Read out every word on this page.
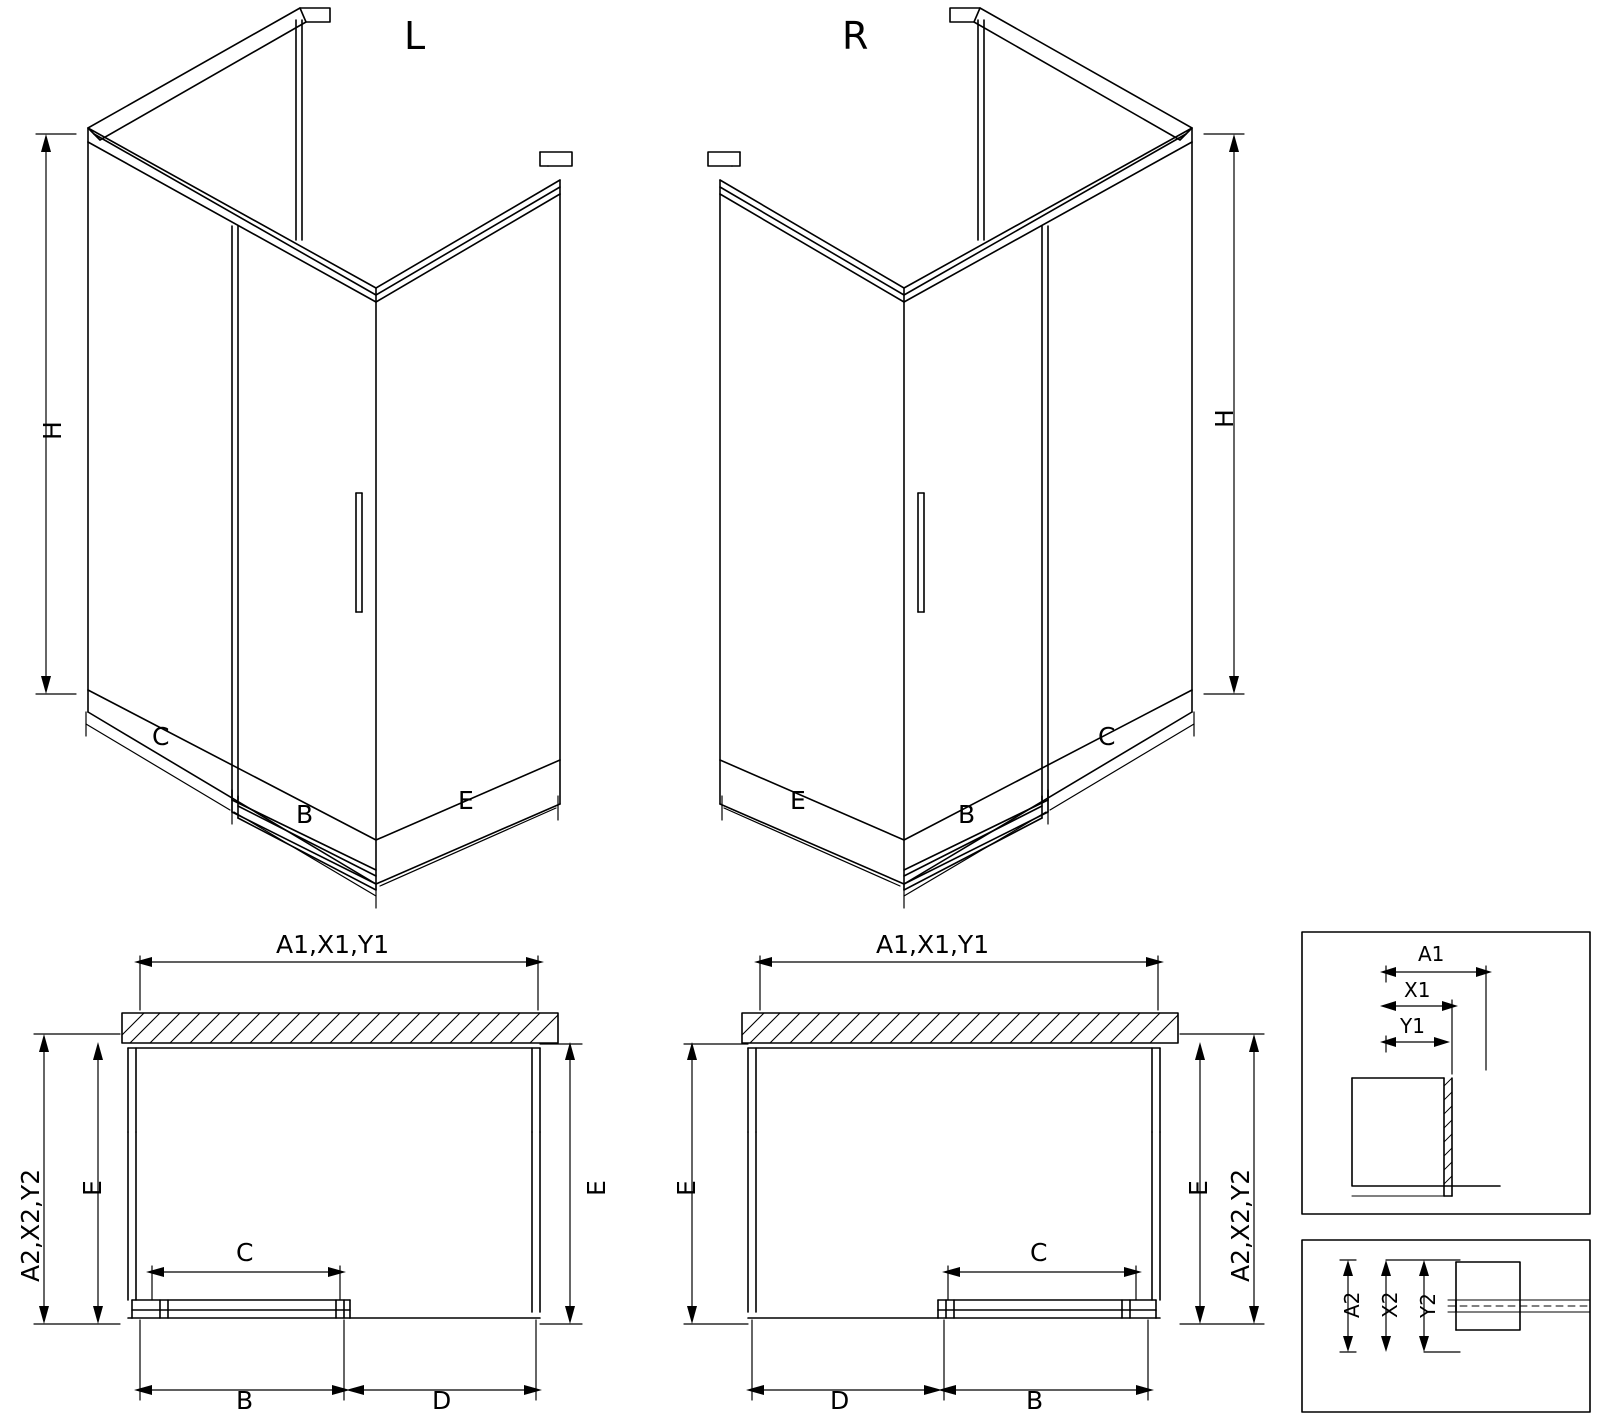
L	R
H
C
B	E
H
C
B
E
A1,X1,Y1
A2,X2,Y2 E	E
C
B	D
A1,X1,Y1
A2,X2,Y2
E	E
C
D	B
A1
X1
Y1
A2 X2 Y2
